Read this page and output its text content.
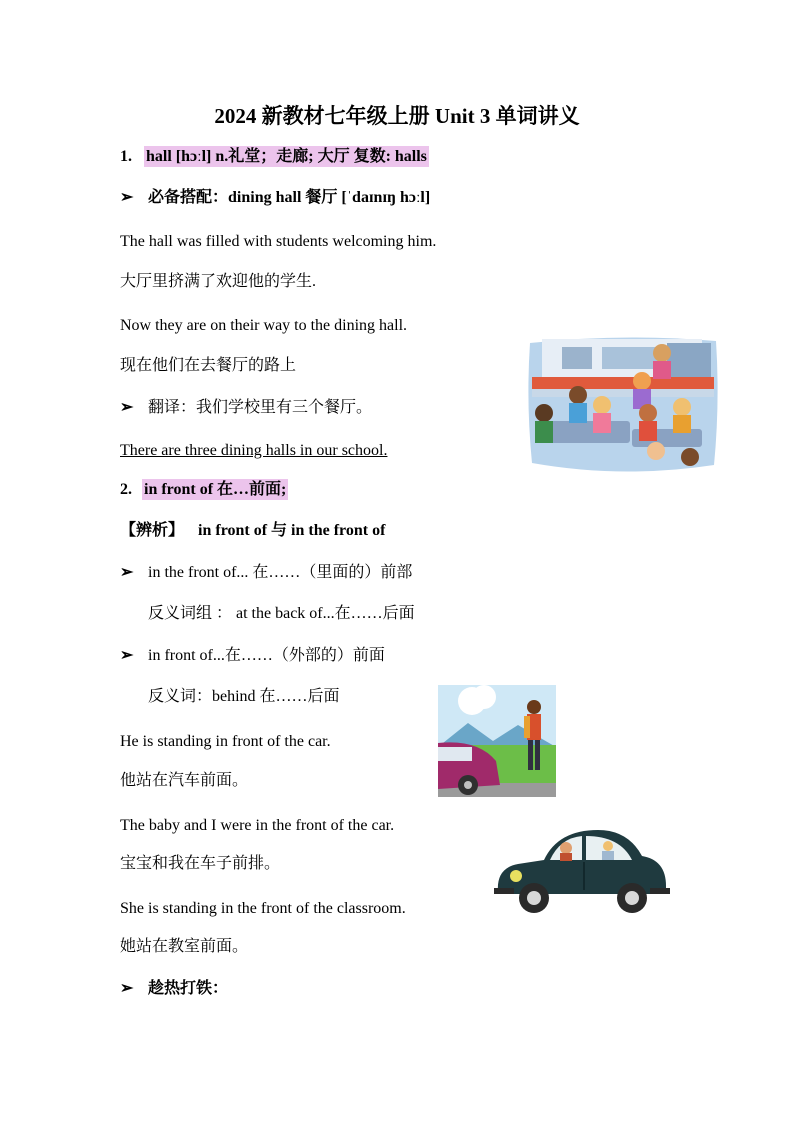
2024 新教材七年级上册 Unit 3 单词讲义
1. hall [hɔːl] n.礼堂；走廊; 大厅 复数: halls
➢ 必备搭配：dining hall 餐厅 [ˈdaɪnɪŋ hɔːl]
The hall was filled with students welcoming him.
大厅里挤满了欢迎他的学生.
Now they are on their way to the dining hall.
现在他们在去餐厅的路上
➢ 翻译：我们学校里有三个餐厅。
There are three dining halls in our school.
2. in front of 在…前面;
【辨析】 in front of 与 in the front of
➢ in the front of... 在……（里面的）前部
反义词组 ： at the back of...在……后面
➢ in front of...在……（外部的）前面
反义词：behind 在……后面
He is standing in front of the car.
他站在汽车前面。
The baby and I were in the front of the car.
宝宝和我在车子前排。
She is standing in the front of the classroom.
她站在教室前面。
➢ 趁热打铁：
